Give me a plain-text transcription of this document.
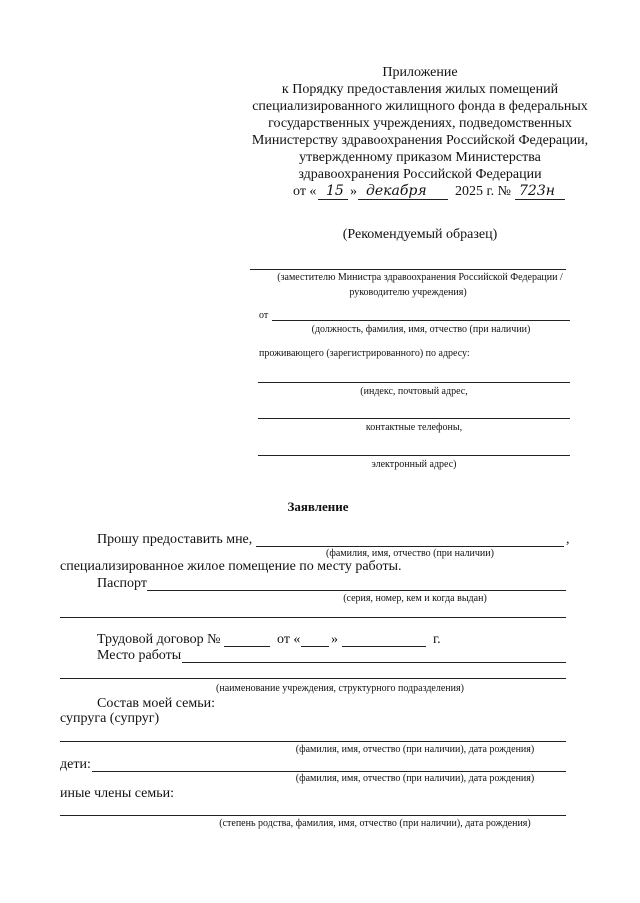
Приложение
к Порядку предоставления жилых помещений
специализированного жилищного фонда в федеральных
государственных учреждениях, подведомственных
Министерству здравоохранения Российской Федерации,
утвержденному приказом Министерства
здравоохранения Российской Федерации
от « 15 » декабря 2025 г. № 723н
(Рекомендуемый образец)
(заместителю Министра здравоохранения Российской Федерации /
руководителю учреждения)
от
(должность, фамилия, имя, отчество (при наличии)
проживающего (зарегистрированного) по адресу:
(индекс, почтовый адрес,
контактные телефоны,
электронный адрес)
Заявление
Прошу предоставить мне,	,
(фамилия, имя, отчество (при наличии)
специализированное жилое помещение по месту работы.
Паспорт
(серия, номер, кем и когда выдан)
Трудовой договор №	от « »	г.
Место работы
(наименование учреждения, структурного подразделения)
Состав моей семьи:
супруга (супруг)
(фамилия, имя, отчество (при наличии), дата рождения)
дети:
(фамилия, имя, отчество (при наличии), дата рождения)
иные члены семьи:
(степень родства, фамилия, имя, отчество (при наличии), дата рождения)
